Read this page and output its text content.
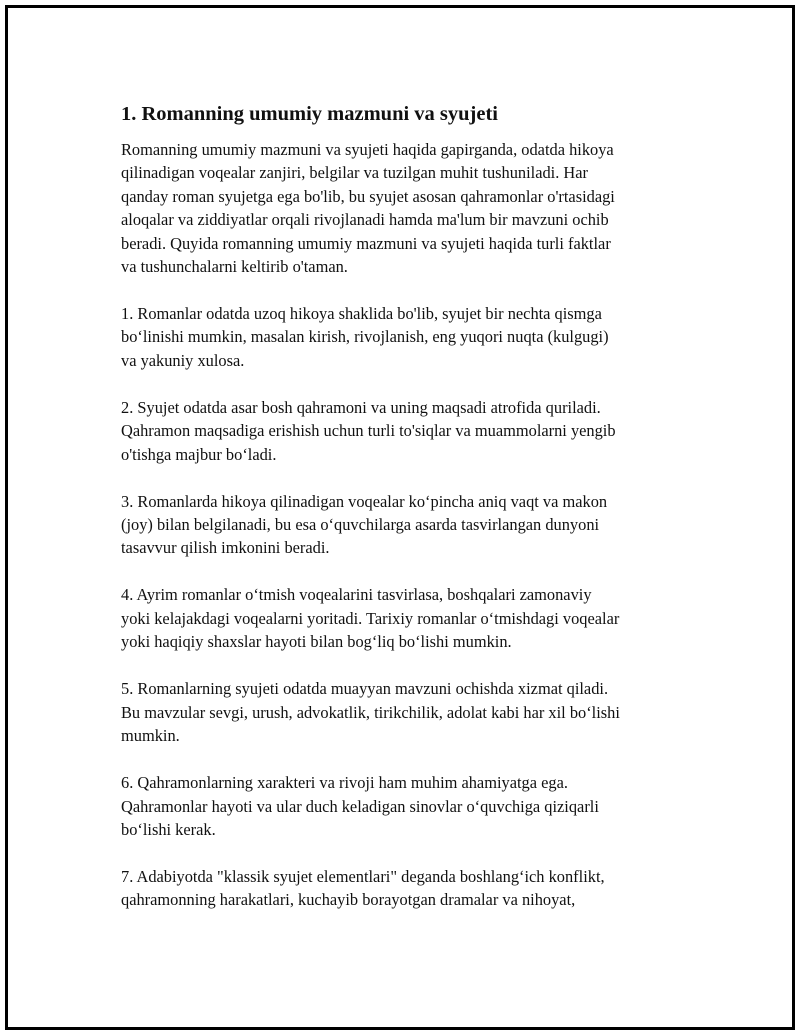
1. Romanning umumiy mazmuni va syujeti

Romanning umumiy mazmuni va syujeti haqida gapirganda, odatda hikoya
qilinadigan voqealar zanjiri, belgilar va tuzilgan muhit tushuniladi. Har
qanday roman syujetga ega bo'lib, bu syujet asosan qahramonlar o'rtasidagi
aloqalar va ziddiyatlar orqali rivojlanadi hamda ma'lum bir mavzuni ochib
beradi. Quyida romanning umumiy mazmuni va syujeti haqida turli faktlar
va tushunchalarni keltirib o'taman.

1. Romanlar odatda uzoq hikoya shaklida bo'lib, syujet bir nechta qismga
bo‘linishi mumkin, masalan kirish, rivojlanish, eng yuqori nuqta (kulgugi)
va yakuniy xulosa.

2. Syujet odatda asar bosh qahramoni va uning maqsadi atrofida quriladi.
Qahramon maqsadiga erishish uchun turli to'siqlar va muammolarni yengib
o'tishga majbur bo‘ladi.

3. Romanlarda hikoya qilinadigan voqealar ko‘pincha aniq vaqt va makon
(joy) bilan belgilanadi, bu esa o‘quvchilarga asarda tasvirlangan dunyoni
tasavvur qilish imkonini beradi.

4. Ayrim romanlar o‘tmish voqealarini tasvirlasa, boshqalari zamonaviy
yoki kelajakdagi voqealarni yoritadi. Tarixiy romanlar o‘tmishdagi voqealar
yoki haqiqiy shaxslar hayoti bilan bog‘liq bo‘lishi mumkin.

5. Romanlarning syujeti odatda muayyan mavzuni ochishda xizmat qiladi.
Bu mavzular sevgi, urush, advokatlik, tirikchilik, adolat kabi har xil bo‘lishi
mumkin.

6. Qahramonlarning xarakteri va rivoji ham muhim ahamiyatga ega.
Qahramonlar hayoti va ular duch keladigan sinovlar o‘quvchiga qiziqarli
bo‘lishi kerak.

7. Adabiyotda "klassik syujet elementlari" deganda boshlang‘ich konflikt,
qahramonning harakatlari, kuchayib borayotgan dramalar va nihoyat,
